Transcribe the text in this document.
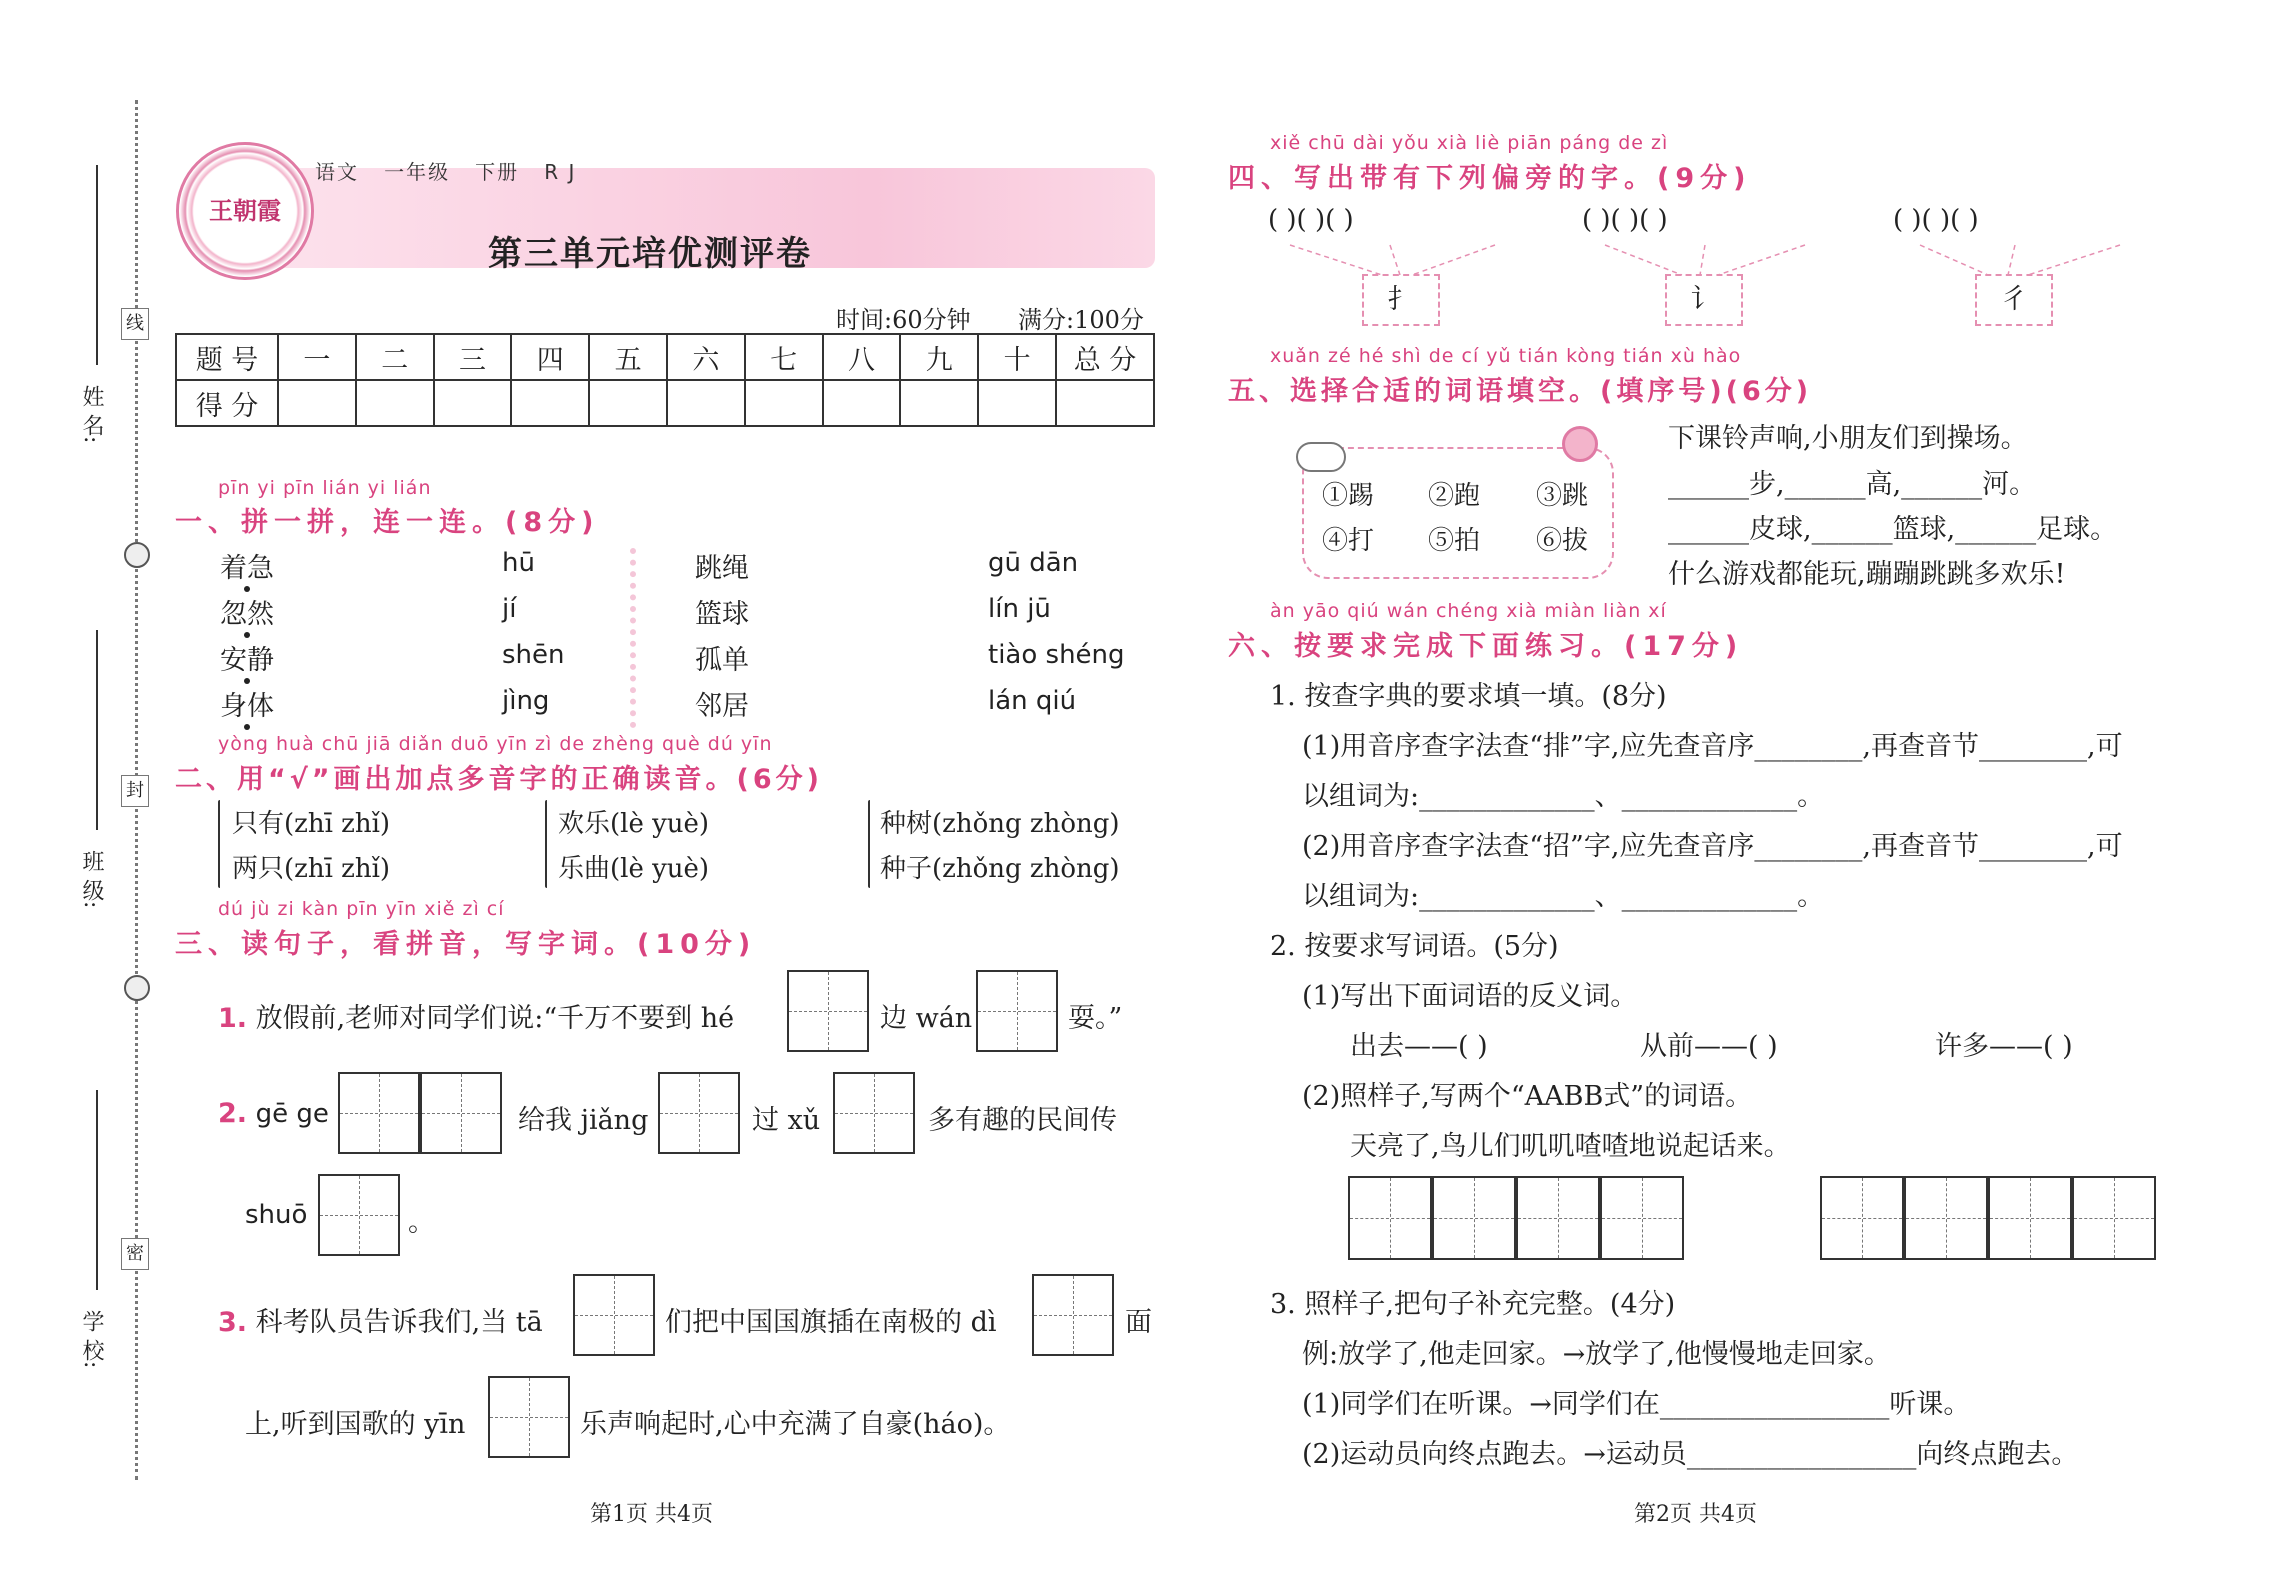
线
封
密
姓 名:
班 级:
学 校:
王朝霞
语文 一年级 下册 R J
第三单元培优测评卷
时间:60分钟 满分:100分
题 号	一	二	三	四	五	六	七	八	九	十	总 分
得 分											
pīn yi pīn lián yi lián
一、拼一拼，连一连。(8分)
着急
忽然
安静
身体
hū
jí
shēn
jìng
跳绳
篮球
孤单
邻居
gū dān
lín jū
tiào shéng
lán qiú
yòng huà chū jiā diǎn duō yīn zì de zhèng què dú yīn
二、用“√”画出加点多音字的正确读音。(6分)
只有(zhī zhǐ)
两只(zhī zhǐ)
欢乐(lè yuè)
乐曲(lè yuè)
种树(zhǒng zhòng)
种子(zhǒng zhòng)
dú jù zi kàn pīn yīn xiě zì cí
三、读句子，看拼音，写字词。(10分)
1. 放假前,老师对同学们说:“千万不要到 hé	边 wán	耍。”
2. gē ge	给我 jiǎng	过 xǔ	多有趣的民间传
shuō	。
3. 科考队员告诉我们,当 tā	们把中国国旗插在南极的 dì	面
上,听到国歌的 yīn	乐声响起时,心中充满了自豪(háo)。
第1页 共4页
xiě chū dài yǒu xià liè piān páng de zì
四、写出带有下列偏旁的字。(9分)
( )( )( )	( )( )( )	( )( )( )
扌	讠	彳
xuǎn zé hé shì de cí yǔ tián kòng tián xù hào
五、选择合适的词语填空。(填序号)(6分)
①踢 ②跑 ③跳
④打 ⑤拍 ⑥拔
下课铃声响,小朋友们到操场。
______步,______高,______河。
______皮球,______篮球,______足球。
什么游戏都能玩,蹦蹦跳跳多欢乐!
àn yāo qiú wán chéng xià miàn liàn xí
六、按要求完成下面练习。(17分)
1. 按查字典的要求填一填。(8分)
(1)用音序查字法查“排”字,应先查音序________,再查音节________,可
以组词为:_____________、_____________。
(2)用音序查字法查“招”字,应先查音序________,再查音节________,可
以组词为:_____________、_____________。
2. 按要求写词语。(5分)
(1)写出下面词语的反义词。
出去——( )	从前——( )	许多——( )
(2)照样子,写两个“AABB式”的词语。
天亮了,鸟儿们叽叽喳喳地说起话来。
3. 照样子,把句子补充完整。(4分)
例:放学了,他走回家。→放学了,他慢慢地走回家。
(1)同学们在听课。→同学们在_________________听课。
(2)运动员向终点跑去。→运动员_________________向终点跑去。
第2页 共4页
